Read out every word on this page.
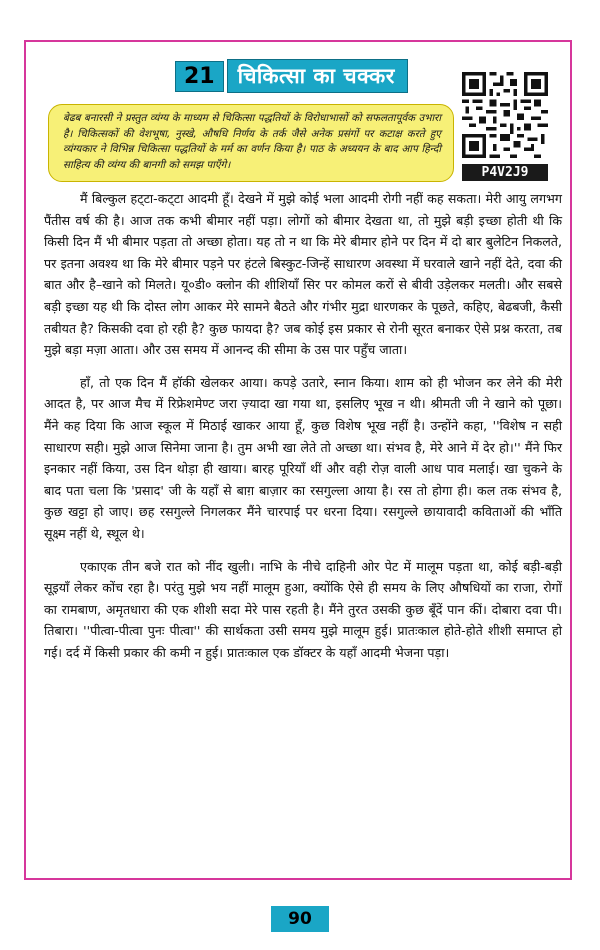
21	चिकित्सा का चक्कर
बेढब बनारसी ने प्रस्तुत व्यंग्य के माध्यम से चिकित्सा पद्धतियों के विरोधाभासों को सफलतापूर्वक उभारा है। चिकित्सकों की वेशभूषा, नुस्खे, औषधि निर्णय के तर्क जैसे अनेक प्रसंगों पर कटाक्ष करते हुए व्यंग्यकार ने विभिन्न चिकित्सा पद्धतियों के मर्म का वर्णन किया है। पाठ के अध्ययन के बाद आप हिन्दी साहित्य की व्यंग्य की बानगी को समझ पाएँगे।
P4V2J9

मैं बिल्कुल हट्‌टा-कट्‌टा आदमी हूँ। देखने में मुझे कोई भला आदमी रोगी नहीं कह सकता। मेरी आयु लगभग पैंतीस वर्ष की है। आज तक कभी बीमार नहीं पड़ा। लोगों को बीमार देखता था, तो मुझे बड़ी इच्छा होती थी कि किसी दिन मैं भी बीमार पड़ता तो अच्छा होता। यह तो न था कि मेरे बीमार होने पर दिन में दो बार बुलेटिन निकलते, पर इतना अवश्य था कि मेरे बीमार पड़ने पर हंटले बिस्कुट-जिन्हें साधारण अवस्था में घरवाले खाने नहीं देते, दवा की बात और है–खाने को मिलते। यू०डी० क्लोन की शीशियाँ सिर पर कोमल करों से बीवी उड़ेलकर मलती। और सबसे बड़ी इच्छा यह थी कि दोस्त लोग आकर मेरे सामने बैठते और गंभीर मुद्रा धारणकर के पूछते, कहिए, बेढबजी, कैसी तबीयत है? किसकी दवा हो रही है? कुछ फायदा है? जब कोई इस प्रकार से रोनी सूरत बनाकर ऐसे प्रश्न करता, तब मुझे बड़ा मज़ा आता। और उस समय में आनन्द की सीमा के उस पार पहुँच जाता।

हाँ, तो एक दिन मैं हॉकी खेलकर आया। कपड़े उतारे, स्नान किया। शाम को ही भोजन कर लेने की मेरी आदत है, पर आज मैच में रिफ्रेशमेण्ट जरा ज़्यादा खा गया था, इसलिए भूख न थी। श्रीमती जी ने खाने को पूछा। मैंने कह दिया कि आज स्कूल में मिठाई खाकर आया हूँ, कुछ विशेष भूख नहीं है। उन्होंने कहा, ''विशेष न सही साधारण सही। मुझे आज सिनेमा जाना है। तुम अभी खा लेते तो अच्छा था। संभव है, मेरे आने में देर हो।'' मैंने फिर इनकार नहीं किया, उस दिन थोड़ा ही खाया। बारह पूरियाँ थीं और वही रोज़ वाली आध पाव मलाई। खा चुकने के बाद पता चला कि 'प्रसाद' जी के यहाँ से बाग़ बाज़ार का रसगुल्ला आया है। रस तो होगा ही। कल तक संभव है, कुछ खट्टा हो जाए। छह रसगुल्ले निगलकर मैंने चारपाई पर धरना दिया। रसगुल्ले छायावादी कविताओं की भाँति सूक्ष्म नहीं थे, स्थूल थे।

एकाएक तीन बजे रात को नींद खुली। नाभि के नीचे दाहिनी ओर पेट में मालूम पड़ता था, कोई बड़ी-बड़ी सूइयाँ लेकर कोंच रहा है। परंतु मुझे भय नहीं मालूम हुआ, क्योंकि ऐसे ही समय के लिए औषधियों का राजा, रोगों का रामबाण, अमृतधारा की एक शीशी सदा मेरे पास रहती है। मैंने तुरत उसकी कुछ बूँदें पान कीं। दोबारा दवा पी। तिबारा। ''पीत्वा-पीत्वा पुनः पीत्वा'' की सार्थकता उसी समय मुझे मालूम हुई। प्रातःकाल होते-होते शीशी समाप्त हो गई। दर्द में किसी प्रकार की कमी न हुई। प्रातःकाल एक डॉक्टर के यहाँ आदमी भेजना पड़ा।

90
